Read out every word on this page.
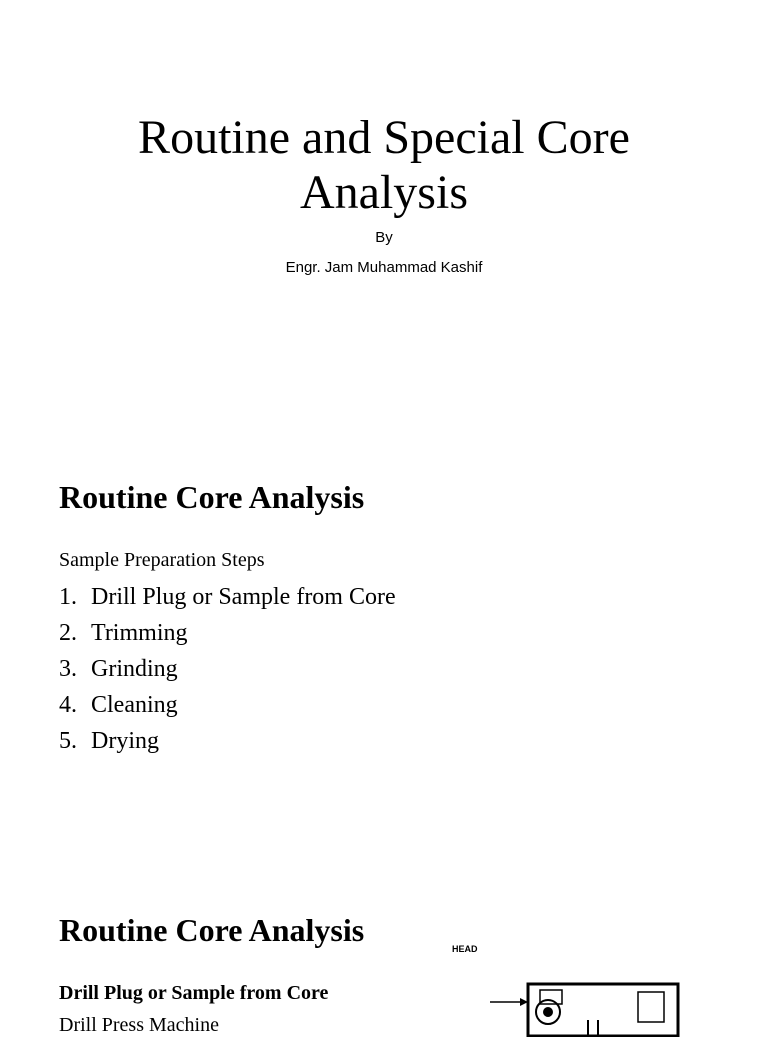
Routine and Special Core
Analysis
By
Engr. Jam Muhammad Kashif
Routine Core Analysis
Sample Preparation Steps
1. Drill Plug or Sample from Core
2. Trimming
3. Grinding
4. Cleaning
5. Drying
Routine Core Analysis
Drill Plug or Sample from Core
Drill Press Machine
HEAD
